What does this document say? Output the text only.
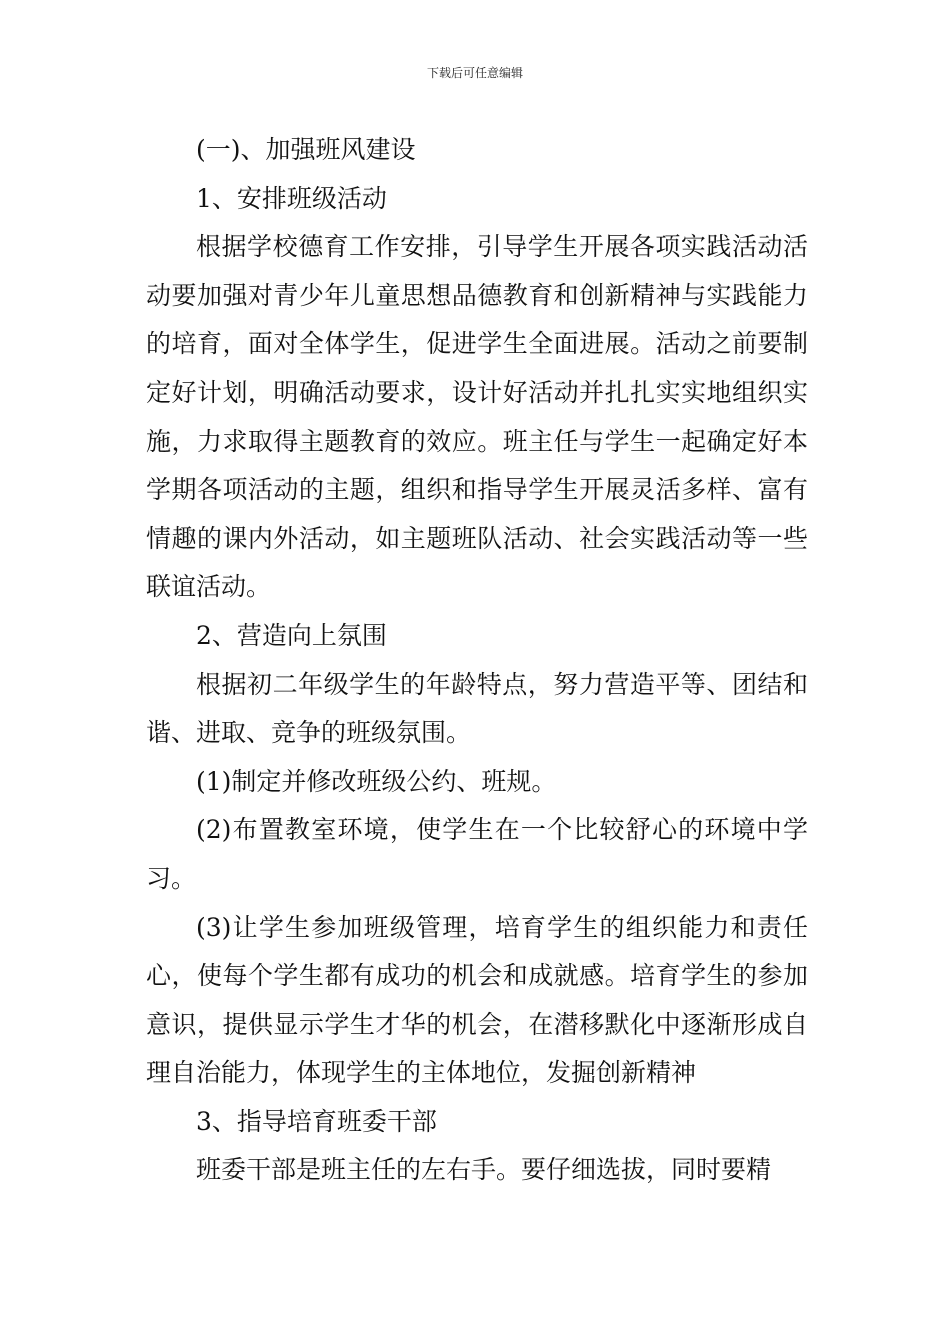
下载后可任意编辑

(一)、加强班风建设

1、安排班级活动

根据学校德育工作安排，引导学生开展各项实践活动活动要加强对青少年儿童思想品德教育和创新精神与实践能力的培育，面对全体学生，促进学生全面进展。活动之前要制定好计划，明确活动要求，设计好活动并扎扎实实地组织实施，力求取得主题教育的效应。班主任与学生一起确定好本学期各项活动的主题，组织和指导学生开展灵活多样、富有情趣的课内外活动，如主题班队活动、社会实践活动等一些联谊活动。

2、营造向上氛围

根据初二年级学生的年龄特点，努力营造平等、团结和谐、进取、竞争的班级氛围。

(1)制定并修改班级公约、班规。

(2)布置教室环境，使学生在一个比较舒心的环境中学习。

(3)让学生参加班级管理，培育学生的组织能力和责任心，使每个学生都有成功的机会和成就感。培育学生的参加意识，提供显示学生才华的机会，在潜移默化中逐渐形成自理自治能力，体现学生的主体地位，发掘创新精神

3、指导培育班委干部

班委干部是班主任的左右手。要仔细选拔，同时要精
